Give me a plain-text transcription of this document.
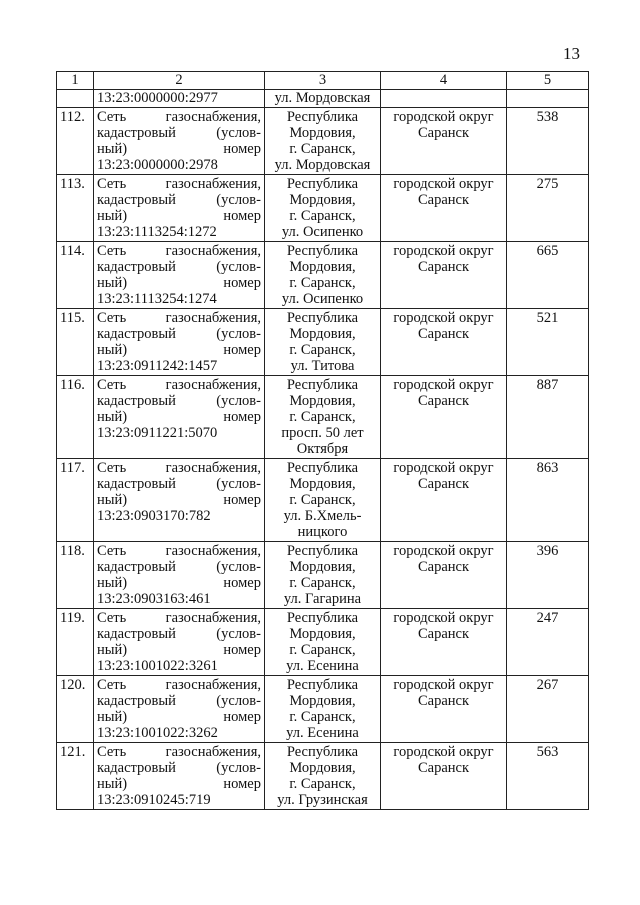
13
1	2	3	4	5
	13:23:0000000:2977	ул. Мордовская		
112.	Сеть газоснабжения,
кадастровый (услов-
ный) номер
13:23:0000000:2978	Республика
Мордовия,
г. Саранск,
ул. Мордовская	городской округ
Саранск	538
113.	Сеть газоснабжения,
кадастровый (услов-
ный) номер
13:23:1113254:1272	Республика
Мордовия,
г. Саранск,
ул. Осипенко	городской округ
Саранск	275
114.	Сеть газоснабжения,
кадастровый (услов-
ный) номер
13:23:1113254:1274	Республика
Мордовия,
г. Саранск,
ул. Осипенко	городской округ
Саранск	665
115.	Сеть газоснабжения,
кадастровый (услов-
ный) номер
13:23:0911242:1457	Республика
Мордовия,
г. Саранск,
ул. Титова	городской округ
Саранск	521
116.	Сеть газоснабжения,
кадастровый (услов-
ный) номер
13:23:0911221:5070	Республика
Мордовия,
г. Саранск,
просп. 50 лет
Октября	городской округ
Саранск	887
117.	Сеть газоснабжения,
кадастровый (услов-
ный) номер
13:23:0903170:782	Республика
Мордовия,
г. Саранск,
ул. Б.Хмель-
ницкого	городской округ
Саранск	863
118.	Сеть газоснабжения,
кадастровый (услов-
ный) номер
13:23:0903163:461	Республика
Мордовия,
г. Саранск,
ул. Гагарина	городской округ
Саранск	396
119.	Сеть газоснабжения,
кадастровый (услов-
ный) номер
13:23:1001022:3261	Республика
Мордовия,
г. Саранск,
ул. Есенина	городской округ
Саранск	247
120.	Сеть газоснабжения,
кадастровый (услов-
ный) номер
13:23:1001022:3262	Республика
Мордовия,
г. Саранск,
ул. Есенина	городской округ
Саранск	267
121.	Сеть газоснабжения,
кадастровый (услов-
ный) номер
13:23:0910245:719	Республика
Мордовия,
г. Саранск,
ул. Грузинская	городской округ
Саранск	563
